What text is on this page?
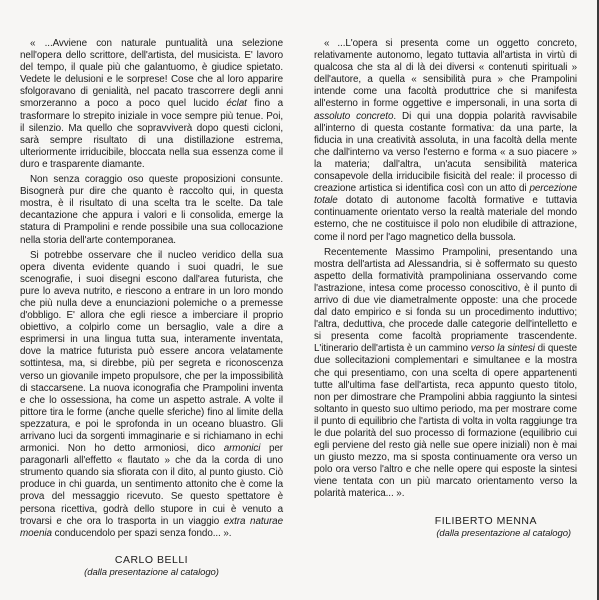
« ...Avviene con naturale puntualità una selezione nell'opera dello scrittore, dell'artista, del musicista. E' lavoro del tempo, il quale più che galantuomo, è giudice spietato. Vedete le delusioni e le sorprese! Cose che al loro apparire sfolgoravano di genialità, nel pacato trascorrere degli anni smorzeranno a poco a poco quel lucido éclat fino a trasformare lo strepito iniziale in voce sempre più tenue. Poi, il silenzio. Ma quello che sopravviverà dopo questi cicloni, sarà sempre risultato di una distillazione estrema, ulteriormente irriducibile, bloccata nella sua essenza come il duro e trasparente diamante.

Non senza coraggio oso queste proposizioni consunte. Bisognerà pur dire che quanto è raccolto qui, in questa mostra, è il risultato di una scelta tra le scelte. Da tale decantazione che appura i valori e li consolida, emerge la statura di Prampolini e rende possibile una sua collocazione nella storia dell'arte contemporanea.

Si potrebbe osservare che il nucleo veridico della sua opera diventa evidente quando i suoi quadri, le sue scenografie, i suoi disegni escono dall'area futurista, che pure lo aveva nutrito, e riescono a entrare in un loro mondo che più nulla deve a enunciazioni polemiche o a premesse d'obbligo. E' allora che egli riesce a imberciare il proprio obiettivo, a colpirlo come un bersaglio, vale a dire a esprimersi in una lingua tutta sua, interamente inventata, dove la matrice futurista può essere ancora velatamente sottintesa, ma, si direbbe, più per segreta e riconoscenza verso un giovanile impeto propulsore, che per la impossibilità di staccarsene. La nuova iconografia che Prampolini inventa e che lo ossessiona, ha come un aspetto astrale. A volte il pittore tira le forme (anche quelle sferiche) fino al limite della spezzatura, e poi le sprofonda in un oceano bluastro. Gli arrivano luci da sorgenti immaginarie e si richiamano in echi armonici. Non ho detto armoniosi, dico armonici per paragonarli all'effetto « flautato » che da la corda di uno strumento quando sia sfiorata con il dito, al punto giusto. Ciò produce in chi guarda, un sentimento attonito che è come la prova del messaggio ricevuto. Se questo spettatore è persona ricettiva, godrà dello stupore in cui è venuto a trovarsi e che ora lo trasporta in un viaggio extra naturae moenia conducendolo per spazi senza fondo... ».

CARLO BELLI
(dalla presentazione al catalogo)

« ...L'opera si presenta come un oggetto concreto, relativamente autonomo, legato tuttavia all'artista in virtù di qualcosa che sta al di là dei diversi « contenuti spirituali » dell'autore, a quella « sensibilità pura » che Prampolini intende come una facoltà produttrice che si manifesta all'esterno in forme oggettive e impersonali, in una sorta di assoluto concreto. Di qui una doppia polarità ravvisabile all'interno di questa costante formativa: da una parte, la fiducia in una creatività assoluta, in una facoltà della mente che dall'interno va verso l'esterno e forma « a suo piacere » la materia; dall'altra, un'acuta sensibilità materica consapevole della irriducibile fisicità del reale: il processo di creazione artistica si identifica così con un atto di percezione totale dotato di autonome facoltà formative e tuttavia continuamente orientato verso la realtà materiale del mondo esterno, che ne costituisce il polo non eludibile di attrazione, come il nord per l'ago magnetico della bussola.

Recentemente Massimo Prampolini, presentando una mostra dell'artista ad Alessandria, si è soffermato su questo aspetto della formatività prampoliniana osservando come l'astrazione, intesa come processo conoscitivo, è il punto di arrivo di due vie diametralmente opposte: una che procede dal dato empirico e si fonda su un procedimento induttivo; l'altra, deduttiva, che procede dalle categorie dell'intelletto e si presenta come facoltà propriamente trascendente. L'itinerario dell'artista è un cammino verso la sintesi di queste due sollecitazioni complementari e simultanee e la mostra che qui presentiamo, con una scelta di opere appartenenti tutte all'ultima fase dell'artista, reca appunto questo titolo, non per dimostrare che Prampolini abbia raggiunto la sintesi soltanto in questo suo ultimo periodo, ma per mostrare come il punto di equilibrio che l'artista di volta in volta raggiunge tra le due polarità del suo processo di formazione (equilibrio cui egli perviene del resto già nelle sue opere iniziali) non è mai un giusto mezzo, ma si sposta continuamente ora verso un polo ora verso l'altro e che nelle opere qui esposte la sintesi viene tentata con un più marcato orientamento verso la polarità materica... ».

FILIBERTO MENNA
(dalla presentazione al catalogo)
